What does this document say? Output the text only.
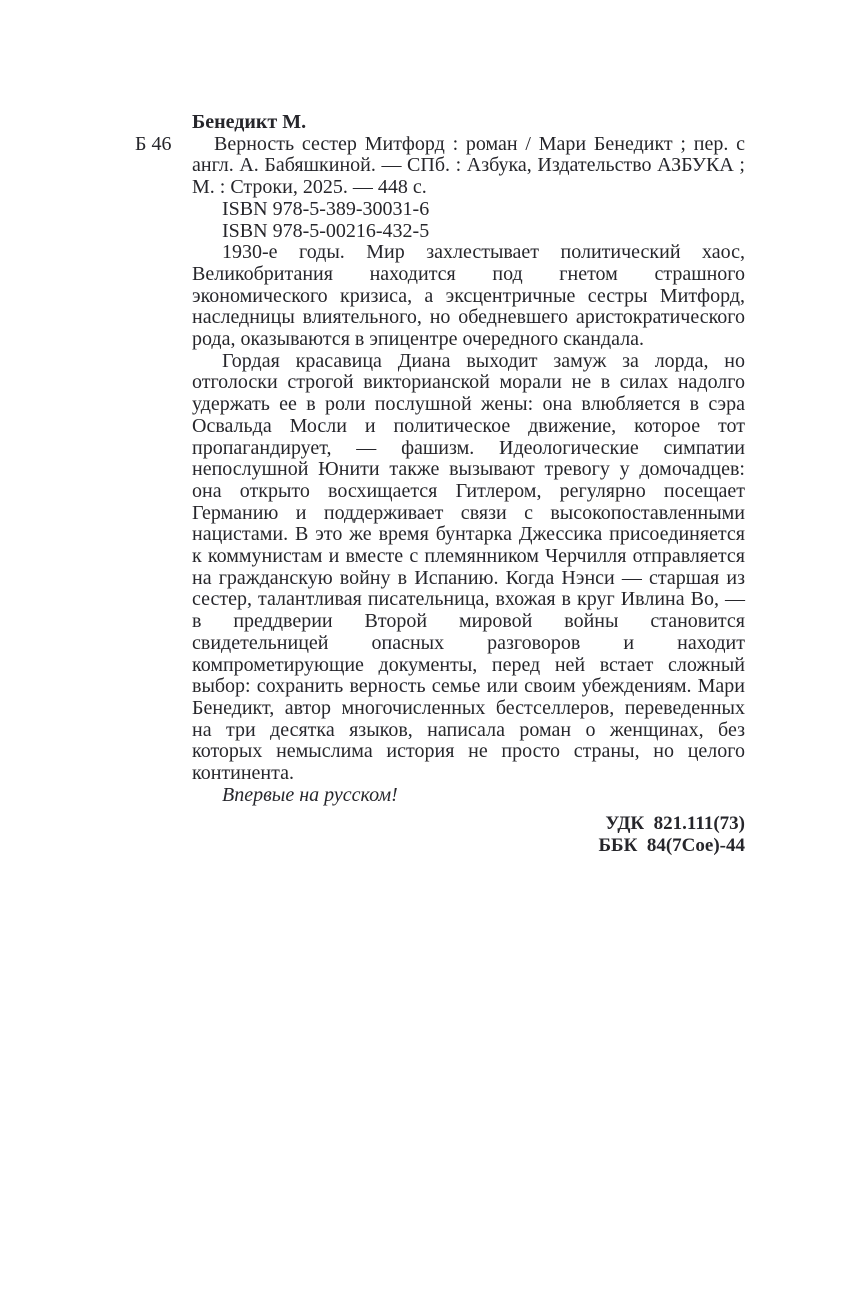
Бенедикт М.

Б 46	Верность сестер Митфорд : роман / Мари Бенедикт ; пер. с англ. А. Бабяшкиной. — СПб. : Азбука, Издательство АЗБУКА ; М. : Строки, 2025. — 448 с.

ISBN 978-5-389-30031-6
ISBN 978-5-00216-432-5

1930-е годы. Мир захлестывает политический хаос, Великобритания находится под гнетом страшного экономического кризиса, а эксцентричные сестры Митфорд, наследницы влиятельного, но обедневшего аристократического рода, оказываются в эпицентре очередного скандала.

Гордая красавица Диана выходит замуж за лорда, но отголоски строгой викторианской морали не в силах надолго удержать ее в роли послушной жены: она влюбляется в сэра Освальда Мосли и политическое движение, которое тот пропагандирует, — фашизм. Идеологические симпатии непослушной Юнити также вызывают тревогу у домочадцев: она открыто восхищается Гитлером, регулярно посещает Германию и поддерживает связи с высокопоставленными нацистами. В это же время бунтарка Джессика присоединяется к коммунистам и вместе с племянником Черчилля отправляется на гражданскую войну в Испанию. Когда Нэнси — старшая из сестер, талантливая писательница, вхожая в круг Ивлина Во, — в преддверии Второй мировой войны становится свидетельницей опасных разговоров и находит компрометирующие документы, перед ней встает сложный выбор: сохранить верность семье или своим убеждениям. Мари Бенедикт, автор многочисленных бестселлеров, переведенных на три десятка языков, написала роман о женщинах, без которых немыслима история не просто страны, но целого континента.

Впервые на русском!

УДК  821.111(73)
ББК  84(7Сое)-44
